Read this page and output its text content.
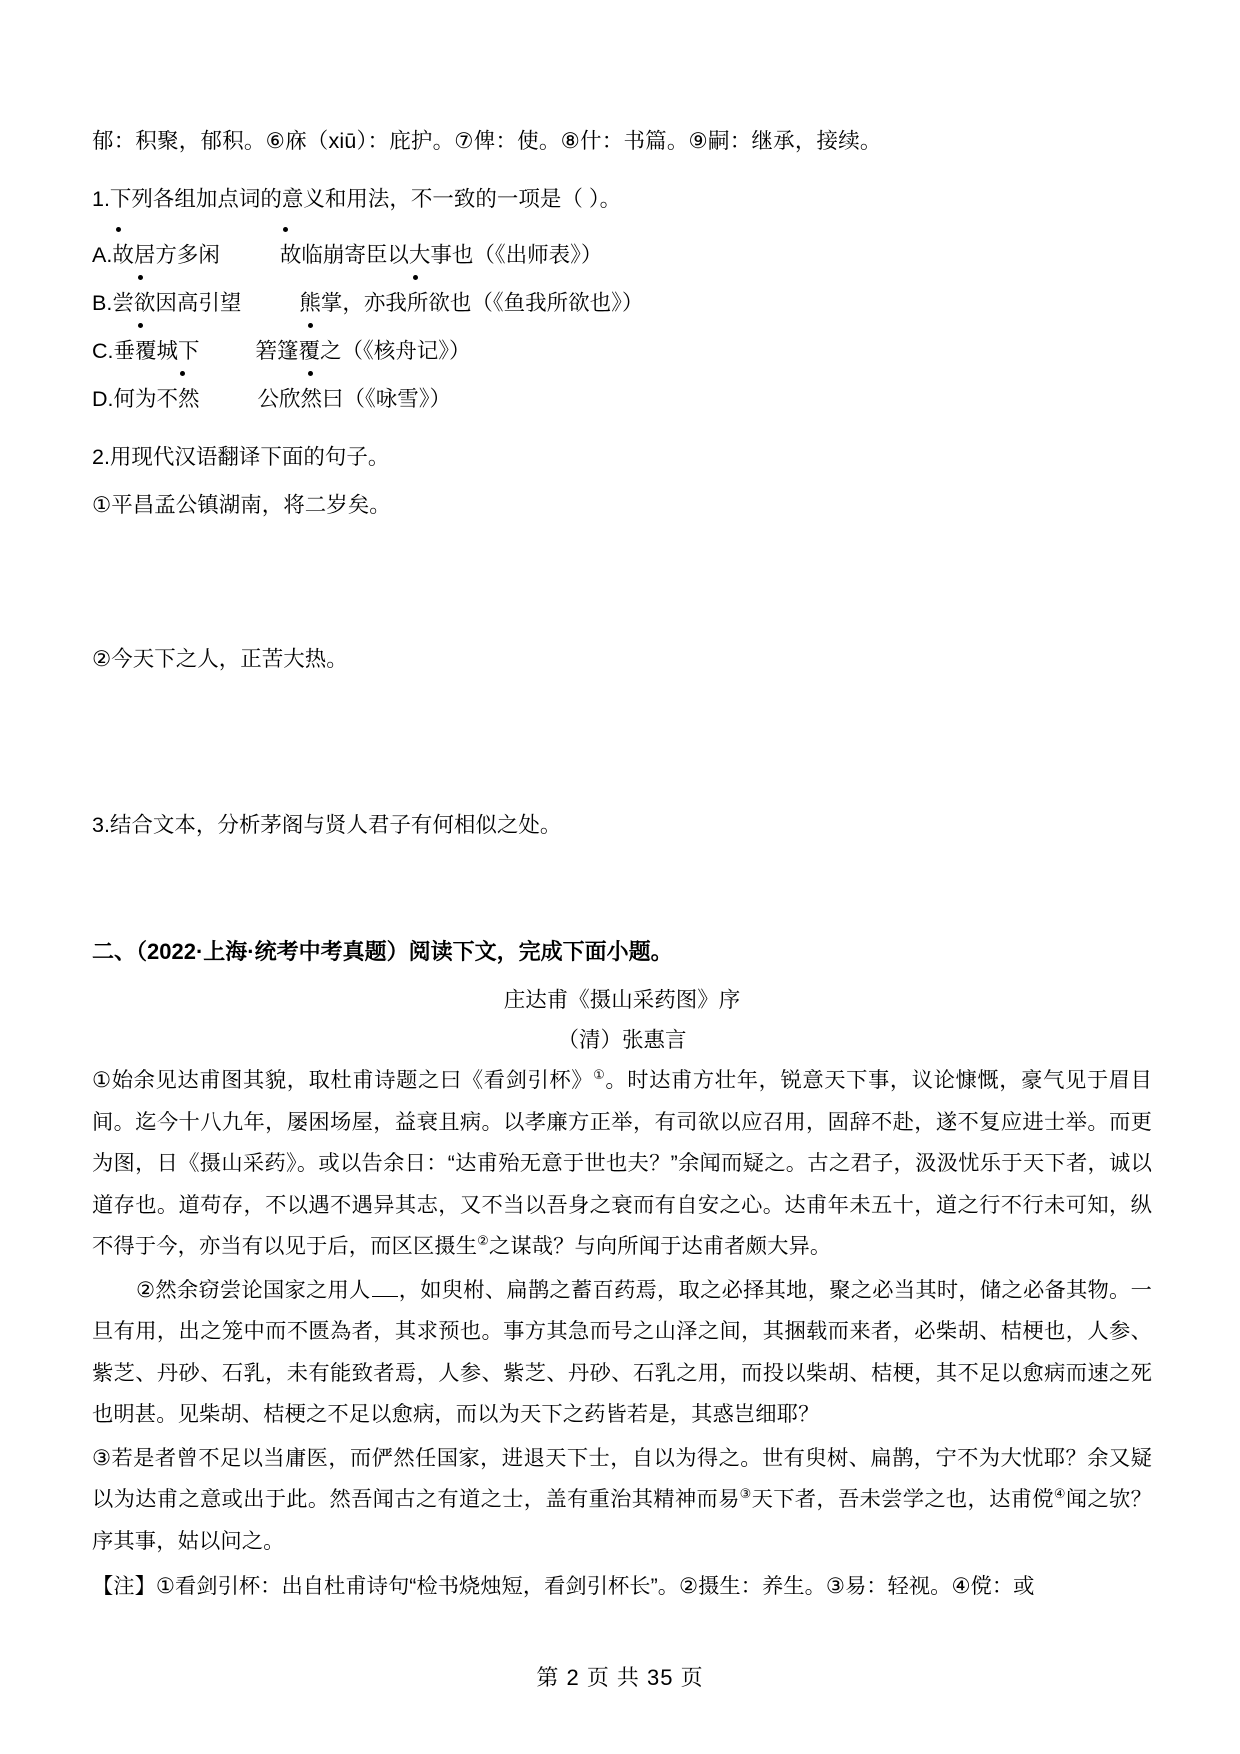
郁：积聚，郁积。⑥庥（xiū）：庇护。⑦俾：使。⑧什：书篇。⑨嗣：继承，接续。
1.下列各组加点词的意义和用法，不一致的一项是（ ）。
A.故居方多闲	故临崩寄臣以大事也（《出师表》）
B.尝欲因高引望	熊掌，亦我所欲也（《鱼我所欲也》）
C.垂覆城下	箬篷覆之（《核舟记》）
D.何为不然	公欣然曰（《咏雪》）
2.用现代汉语翻译下面的句子。
①平昌孟公镇湖南，将二岁矣。
②今天下之人，正苦大热。
3.结合文本，分析茅阁与贤人君子有何相似之处。
二、（2022·上海·统考中考真题）阅读下文，完成下面小题。
庄达甫《摄山采药图》序
（清）张惠言
①始余见达甫图其貌，取杜甫诗题之曰《看剑引杯》①。时达甫方壮年，锐意天下事，议论慷慨，豪气见于眉目间。迄今十八九年，屡困场屋，益衰且病。以孝廉方正举，有司欲以应召用，固辞不赴，遂不复应进士举。而更为图，日《摄山采药》。或以告余日：“达甫殆无意于世也夫？”余闻而疑之。古之君子，汲汲忧乐于天下者，诚以道存也。道苟存，不以遇不遇异其志，又不当以吾身之衰而有自安之心。达甫年未五十，道之行不行未可知，纵不得于今，亦当有以见于后，而区区摄生②之谋哉？与向所闻于达甫者颇大异。
②然余窃尝论国家之用人 ，如臾柎、扁鹊之蓄百药焉，取之必择其地，聚之必当其时，储之必备其物。一旦有用，出之笼中而不匮為者，其求预也。事方其急而号之山泽之间，其捆载而来者，必柴胡、桔梗也，人参、紫芝、丹砂、石乳，未有能致者焉，人参、紫芝、丹砂、石乳之用，而投以柴胡、桔梗，其不足以愈病而速之死也明甚。见柴胡、桔梗之不足以愈病，而以为天下之药皆若是，其惑岂细耶？
③若是者曾不足以当庸医，而俨然任国家，进退天下士，自以为得之。世有臾树、扁鹊，宁不为大忧耶？余又疑以为达甫之意或出于此。然吾闻古之有道之士，盖有重治其精神而易③天下者，吾未尝学之也，达甫傥④闻之欤？序其事，姑以问之。
【注】①看剑引杯：出自杜甫诗句“检书烧烛短，看剑引杯长”。②摄生：养生。③易：轻视。④傥：或
第 2 页 共 35 页
